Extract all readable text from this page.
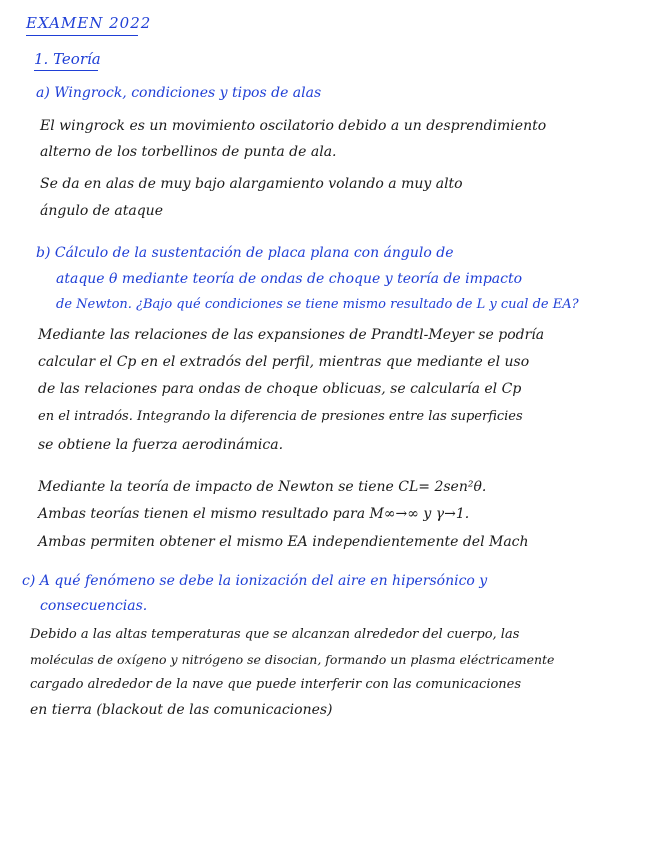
EXAMEN 2022
1. Teoría
a) Wingrock, condiciones y tipos de alas
El wingrock es un movimiento oscilatorio debido a un desprendimiento
alterno de los torbellinos de punta de ala.
Se da en alas de muy bajo alargamiento volando a muy alto
ángulo de ataque
b) Cálculo de la sustentación de placa plana con ángulo de
ataque θ mediante teoría de ondas de choque y teoría de impacto
de Newton. ¿Bajo qué condiciones se tiene mismo resultado de L y cual de EA?
Mediante las relaciones de las expansiones de Prandtl-Meyer se podría
calcular el Cp en el extradós del perfil, mientras que mediante el uso
de las relaciones para ondas de choque oblicuas, se calcularía el Cp
en el intradós. Integrando la diferencia de presiones entre las superficies
se obtiene la fuerza aerodinámica.
Mediante la teoría de impacto de Newton se tiene CL= 2sen²θ.
Ambas teorías tienen el mismo resultado para M∞→∞ y γ→1.
Ambas permiten obtener el mismo EA independientemente del Mach
c) A qué fenómeno se debe la ionización del aire en hipersónico y
consecuencias.
Debido a las altas temperaturas que se alcanzan alrededor del cuerpo, las
moléculas de oxígeno y nitrógeno se disocian, formando un plasma eléctricamente
cargado alrededor de la nave que puede interferir con las comunicaciones
en tierra (blackout de las comunicaciones)
